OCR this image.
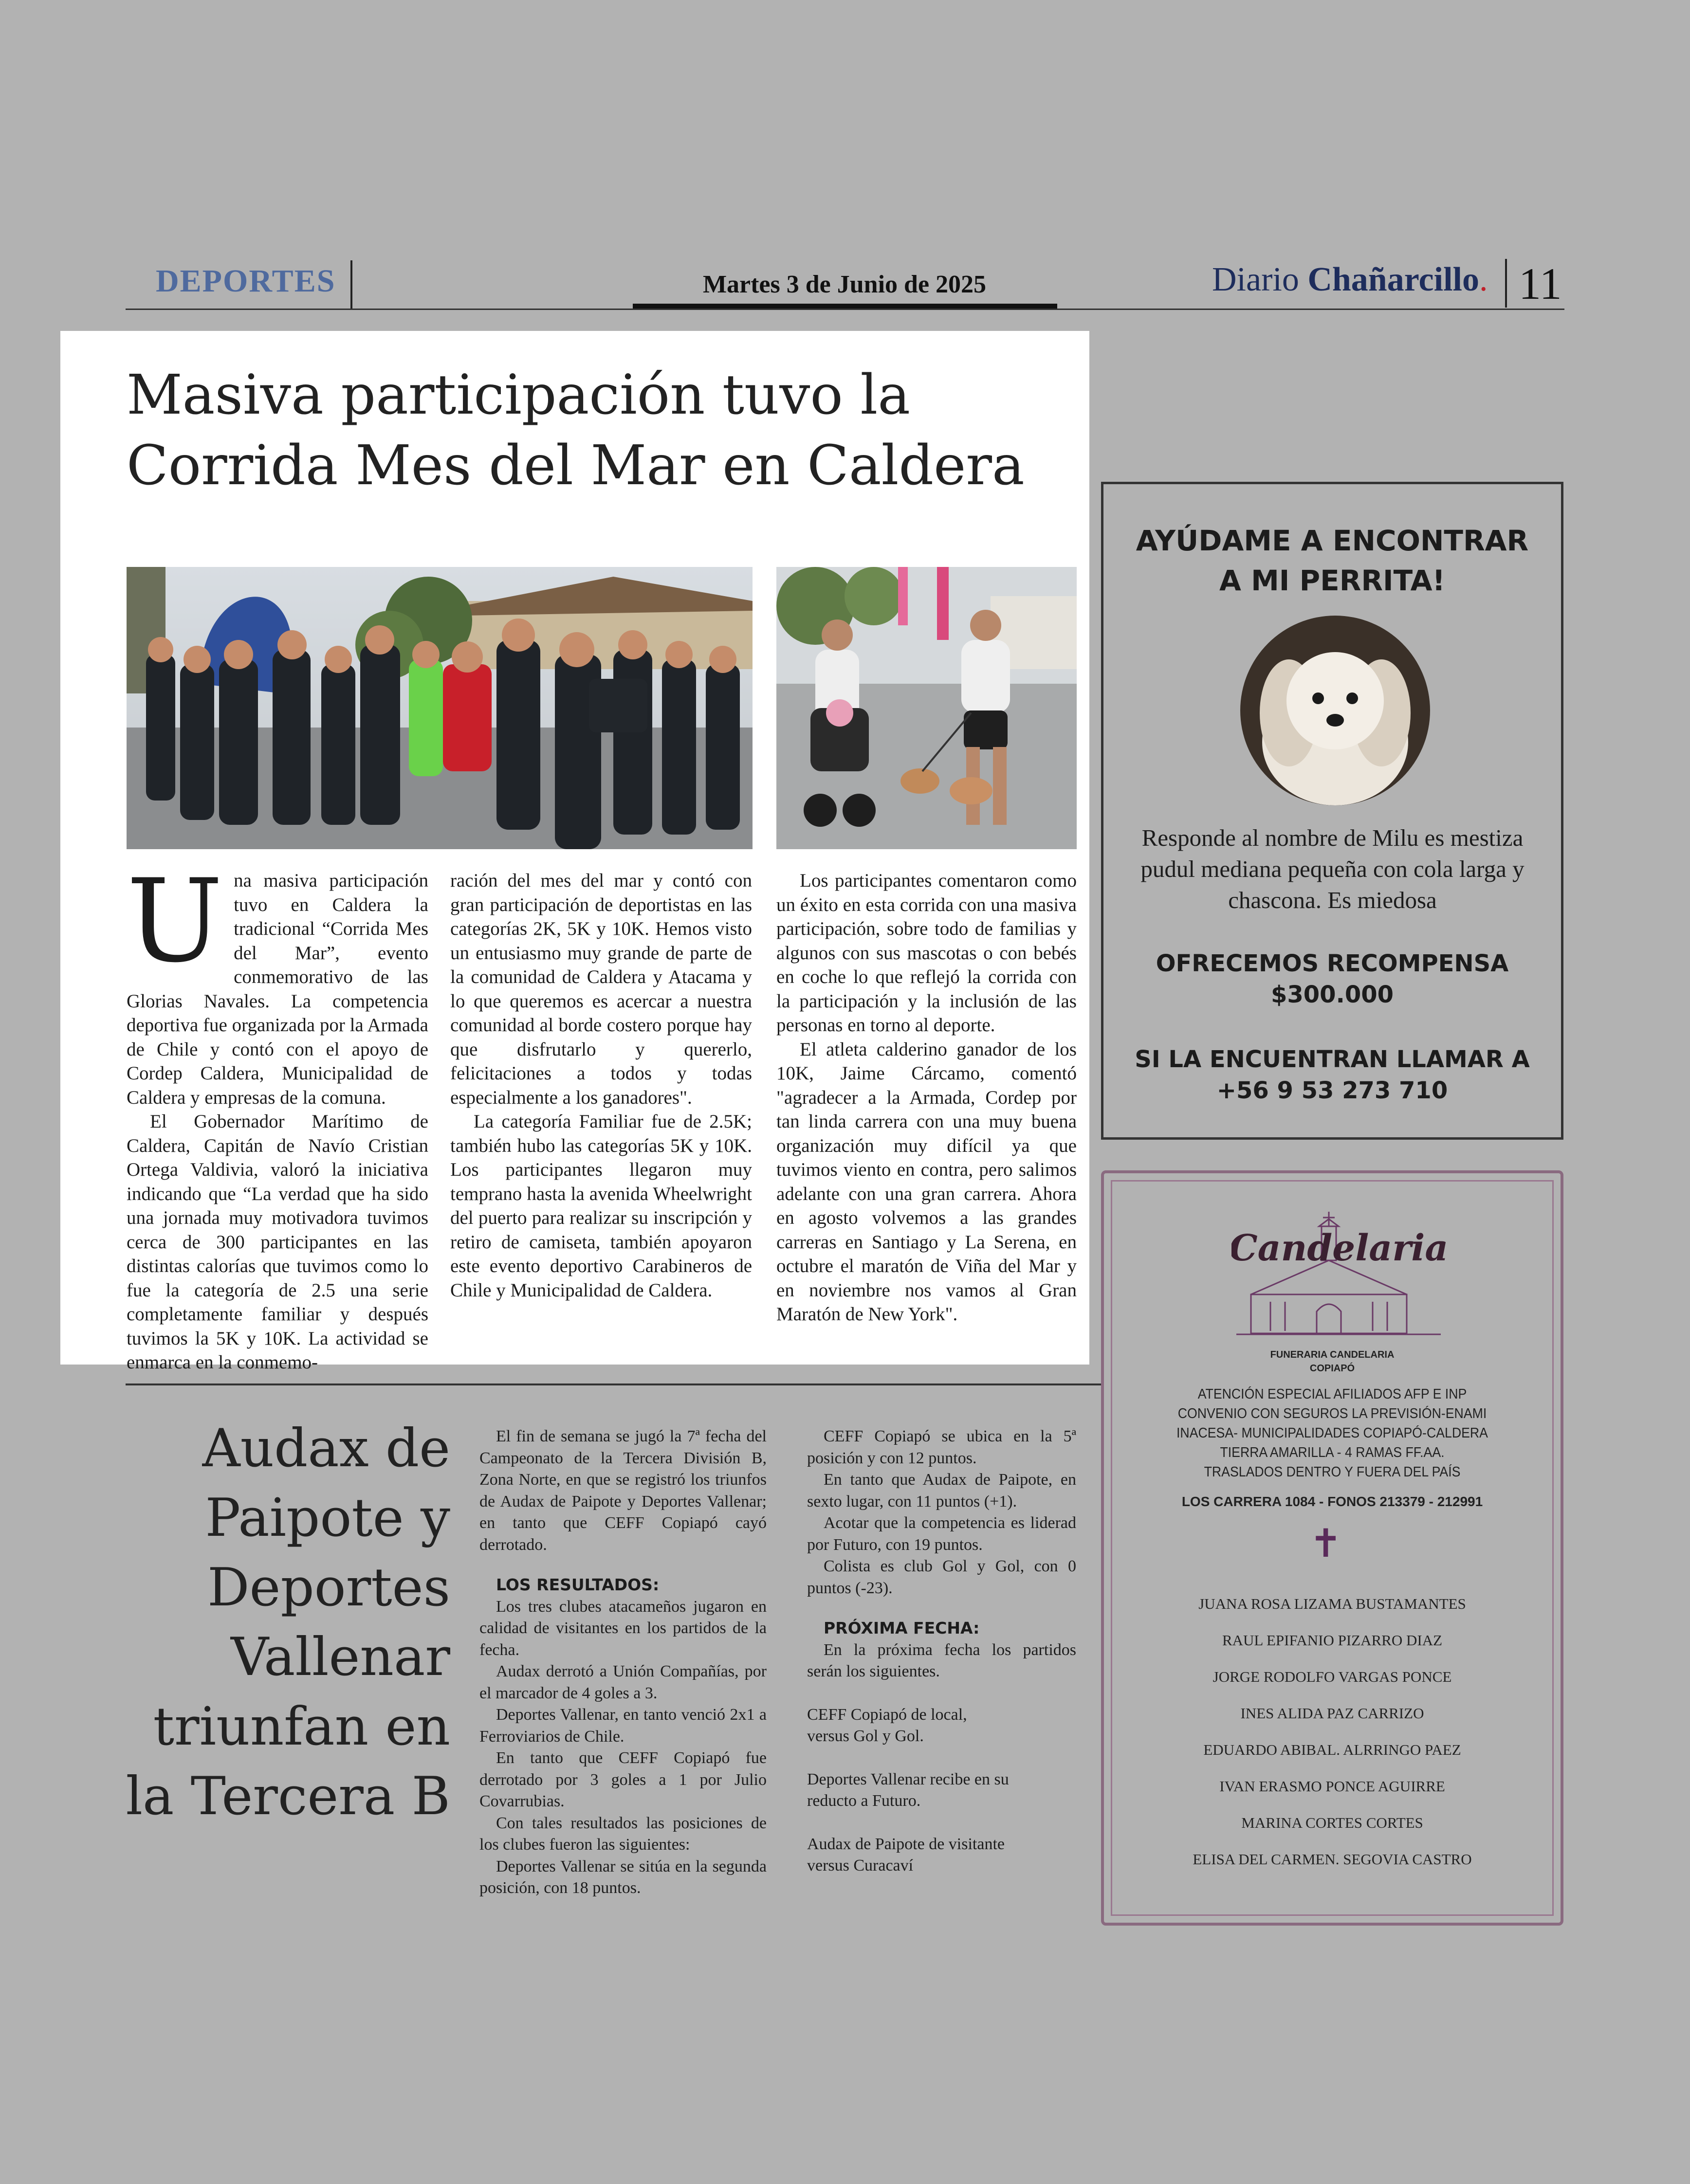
DEPORTES	Martes 3 de Junio de 2025	Diario Chañarcillo. 11
Masiva participación tuvo la
Corrida Mes del Mar en Caldera
U na masiva participación tuvo en Caldera la tradicional “Corrida Mes del Mar”, evento conmemorativo de las Glorias Navales. La competencia deportiva fue organizada por la Armada de Chile y contó con el apoyo de Cordep Caldera, Municipalidad de Caldera y empresas de la comuna.

El Gobernador Marítimo de Caldera, Capitán de Navío Cristian Ortega Valdivia, valoró la iniciativa indicando que “La verdad que ha sido una jornada muy motivadora tuvimos cerca de 300 participantes en las distintas calorías que tuvimos como lo fue la categoría de 2.5 una serie completamente familiar y después tuvimos la 5K y 10K. La actividad se enmarca en la conmemo-

ración del mes del mar y contó con gran participación de deportistas en las categorías 2K, 5K y 10K. Hemos visto un entusiasmo muy grande de parte de la comunidad de Caldera y Atacama y lo que queremos es acercar a nuestra comunidad al borde costero porque hay que disfrutarlo y quererlo, felicitaciones a todos y todas especialmente a los ganadores".

La categoría Familiar fue de 2.5K; también hubo las categorías 5K y 10K. Los participantes llegaron muy temprano hasta la avenida Wheelwright del puerto para realizar su inscripción y retiro de camiseta, también apoyaron este evento deportivo Carabineros de Chile y Municipalidad de Caldera.

Los participantes comentaron como un éxito en esta corrida con una masiva participación, sobre todo de familias y algunos con sus mascotas o con bebés en coche lo que reflejó la corrida con la participación y la inclusión de las personas en torno al deporte.

El atleta calderino ganador de los 10K, Jaime Cárcamo, comentó "agradecer a la Armada, Cordep por tan linda carrera con una muy buena organización muy difícil ya que tuvimos viento en contra, pero salimos adelante con una gran carrera. Ahora en agosto volvemos a las grandes carreras en Santiago y La Serena, en octubre el maratón de Viña del Mar y en noviembre nos vamos al Gran Maratón de New York".

AYÚDAME A ENCONTRAR
A MI PERRITA!
Responde al nombre de Milu es mestiza pudul mediana pequeña con cola larga y chascona. Es miedosa
OFRECEMOS RECOMPENSA
$300.000
SI LA ENCUENTRAN LLAMAR A
+56 9 53 273 710
Candelaria
FUNERARIA CANDELARIA
COPIAPÓ
ATENCIÓN ESPECIAL AFILIADOS AFP E INP
CONVENIO CON SEGUROS LA PREVISIÓN-ENAMI
INACESA- MUNICIPALIDADES COPIAPÓ-CALDERA
TIERRA AMARILLA - 4 RAMAS FF.AA.
TRASLADOS DENTRO Y FUERA DEL PAÍS
LOS CARRERA 1084 - FONOS 213379 - 212991
✝
JUANA ROSA LIZAMA BUSTAMANTES
RAUL EPIFANIO PIZARRO DIAZ
JORGE RODOLFO VARGAS PONCE
INES ALIDA PAZ CARRIZO
EDUARDO ABIBAL. ALRRINGO PAEZ
IVAN ERASMO PONCE AGUIRRE
MARINA CORTES CORTES
ELISA DEL CARMEN. SEGOVIA CASTRO
Audax de
Paipote y
Deportes
Vallenar
triunfan en
la Tercera B

El fin de semana se jugó la 7ª fecha del Campeonato de la Tercera División B, Zona Norte, en que se registró los triunfos de Audax de Paipote y Deportes Vallenar; en tanto que CEFF Copiapó cayó derrotado.

LOS RESULTADOS:

Los tres clubes atacameños jugaron en calidad de visitantes en los partidos de la fecha.

Audax derrotó a Unión Compañías, por el marcador de 4 goles a 3.

Deportes Vallenar, en tanto venció 2x1 a Ferroviarios de Chile.

En tanto que CEFF Copiapó fue derrotado por 3 goles a 1 por Julio Covarrubias.

Con tales resultados las posiciones de los clubes fueron las siguientes:

Deportes Vallenar se sitúa en la segunda posición, con 18 puntos.

CEFF Copiapó se ubica en la 5ª posición y con 12 puntos.

En tanto que Audax de Paipote, en sexto lugar, con 11 puntos (+1).

Acotar que la competencia es liderad por Futuro, con 19 puntos.

Colista es club Gol y Gol, con 0 puntos (-23).

PRÓXIMA FECHA:

En la próxima fecha los partidos serán los siguientes.

CEFF Copiapó de local,
versus Gol y Gol.

Deportes Vallenar recibe en su
reducto a Futuro.

Audax de Paipote de visitante
versus Curacaví
